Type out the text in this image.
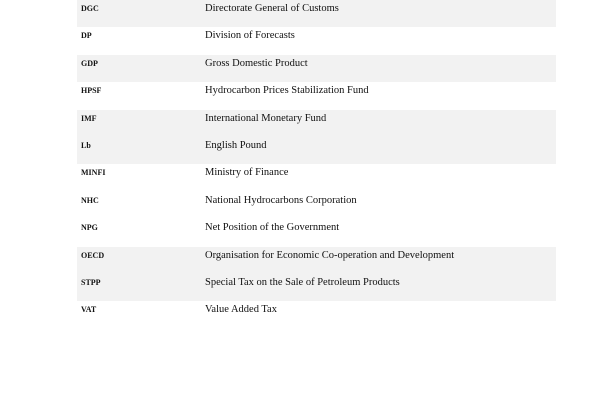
DGC	Directorate General of Customs
DP	Division of Forecasts
GDP	Gross Domestic Product
HPSF	Hydrocarbon Prices Stabilization Fund
IMF	International Monetary Fund
Lb	English Pound
MINFI	Ministry of Finance
NHC	National Hydrocarbons Corporation
NPG	Net Position of the Government
OECD	Organisation for Economic Co-operation and Development
STPP	Special Tax on the Sale of Petroleum Products
VAT	Value Added Tax
